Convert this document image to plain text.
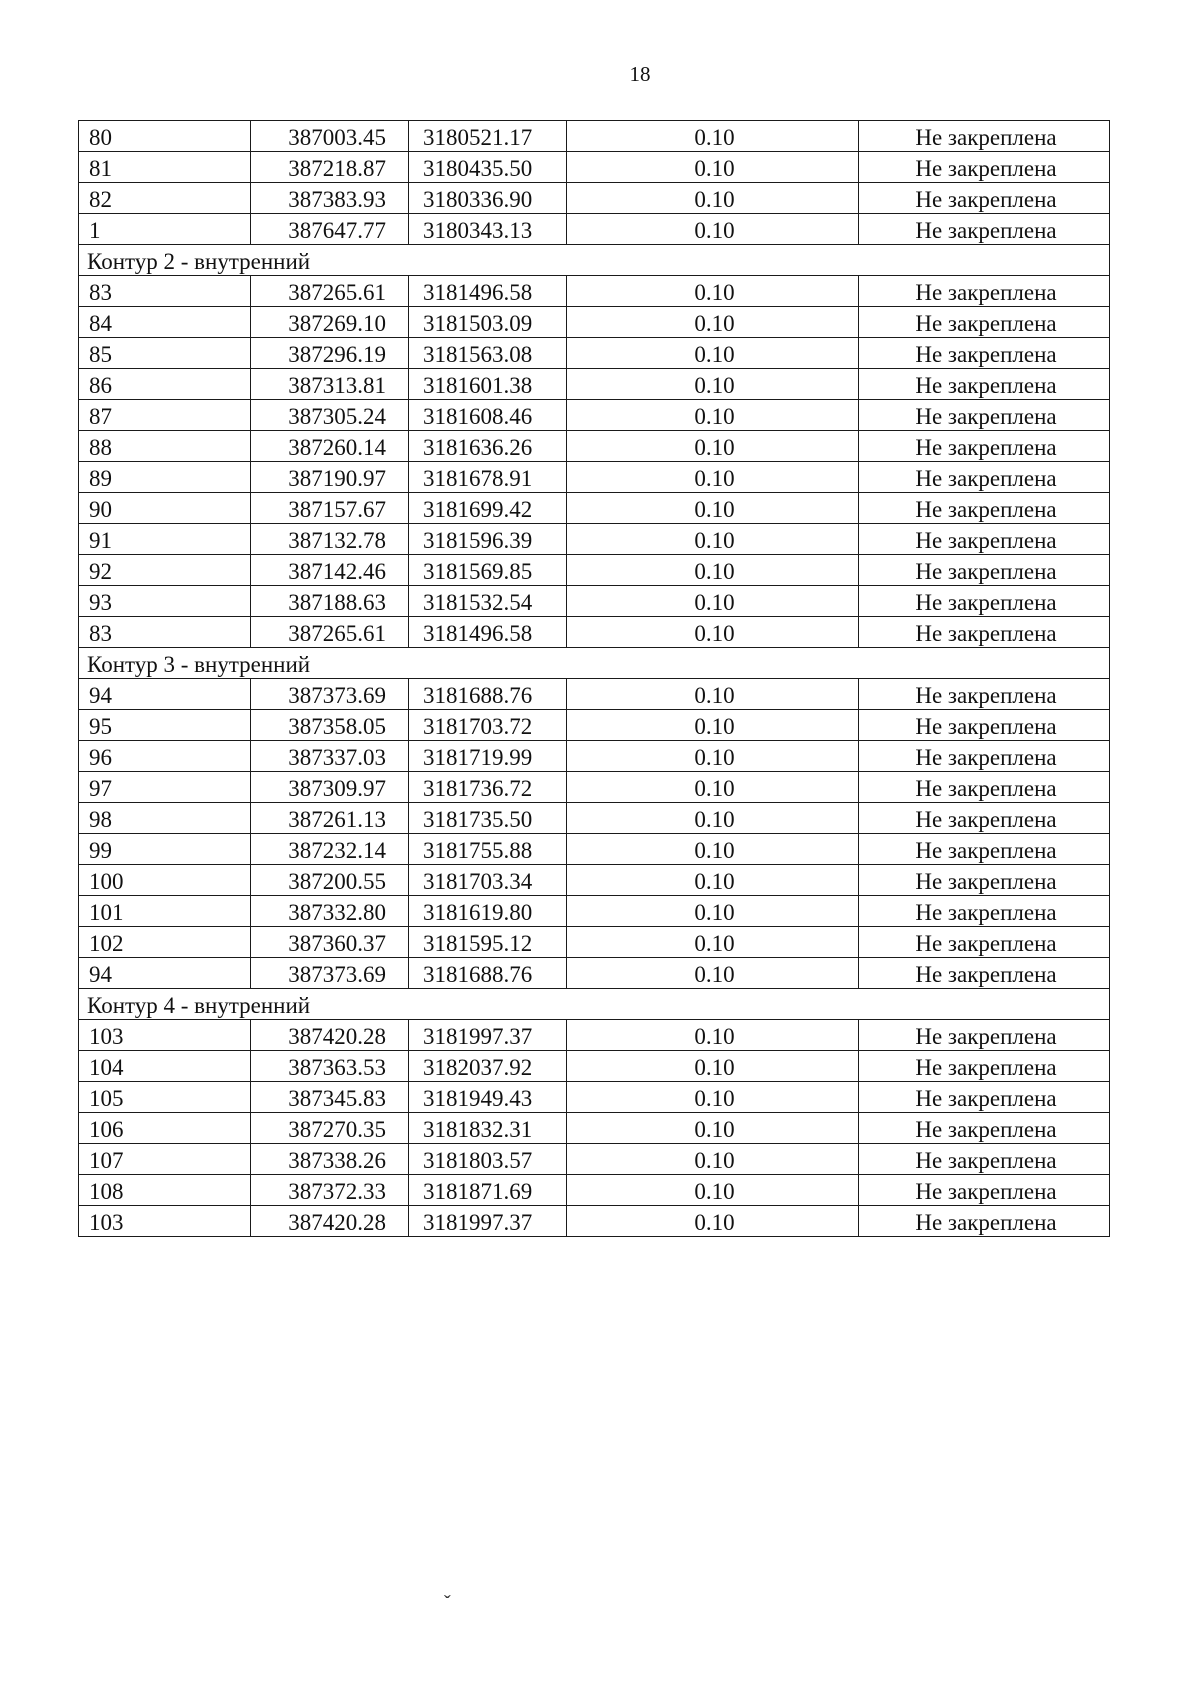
18
80	387003.45	3180521.17	0.10	Не закреплена
81	387218.87	3180435.50	0.10	Не закреплена
82	387383.93	3180336.90	0.10	Не закреплена
1	387647.77	3180343.13	0.10	Не закреплена
Контур 2 - внутренний				
83	387265.61	3181496.58	0.10	Не закреплена
84	387269.10	3181503.09	0.10	Не закреплена
85	387296.19	3181563.08	0.10	Не закреплена
86	387313.81	3181601.38	0.10	Не закреплена
87	387305.24	3181608.46	0.10	Не закреплена
88	387260.14	3181636.26	0.10	Не закреплена
89	387190.97	3181678.91	0.10	Не закреплена
90	387157.67	3181699.42	0.10	Не закреплена
91	387132.78	3181596.39	0.10	Не закреплена
92	387142.46	3181569.85	0.10	Не закреплена
93	387188.63	3181532.54	0.10	Не закреплена
83	387265.61	3181496.58	0.10	Не закреплена
Контур 3 - внутренний				
94	387373.69	3181688.76	0.10	Не закреплена
95	387358.05	3181703.72	0.10	Не закреплена
96	387337.03	3181719.99	0.10	Не закреплена
97	387309.97	3181736.72	0.10	Не закреплена
98	387261.13	3181735.50	0.10	Не закреплена
99	387232.14	3181755.88	0.10	Не закреплена
100	387200.55	3181703.34	0.10	Не закреплена
101	387332.80	3181619.80	0.10	Не закреплена
102	387360.37	3181595.12	0.10	Не закреплена
94	387373.69	3181688.76	0.10	Не закреплена
Контур 4 - внутренний				
103	387420.28	3181997.37	0.10	Не закреплена
104	387363.53	3182037.92	0.10	Не закреплена
105	387345.83	3181949.43	0.10	Не закреплена
106	387270.35	3181832.31	0.10	Не закреплена
107	387338.26	3181803.57	0.10	Не закреплена
108	387372.33	3181871.69	0.10	Не закреплена
103	387420.28	3181997.37	0.10	Не закреплена
ˇ
